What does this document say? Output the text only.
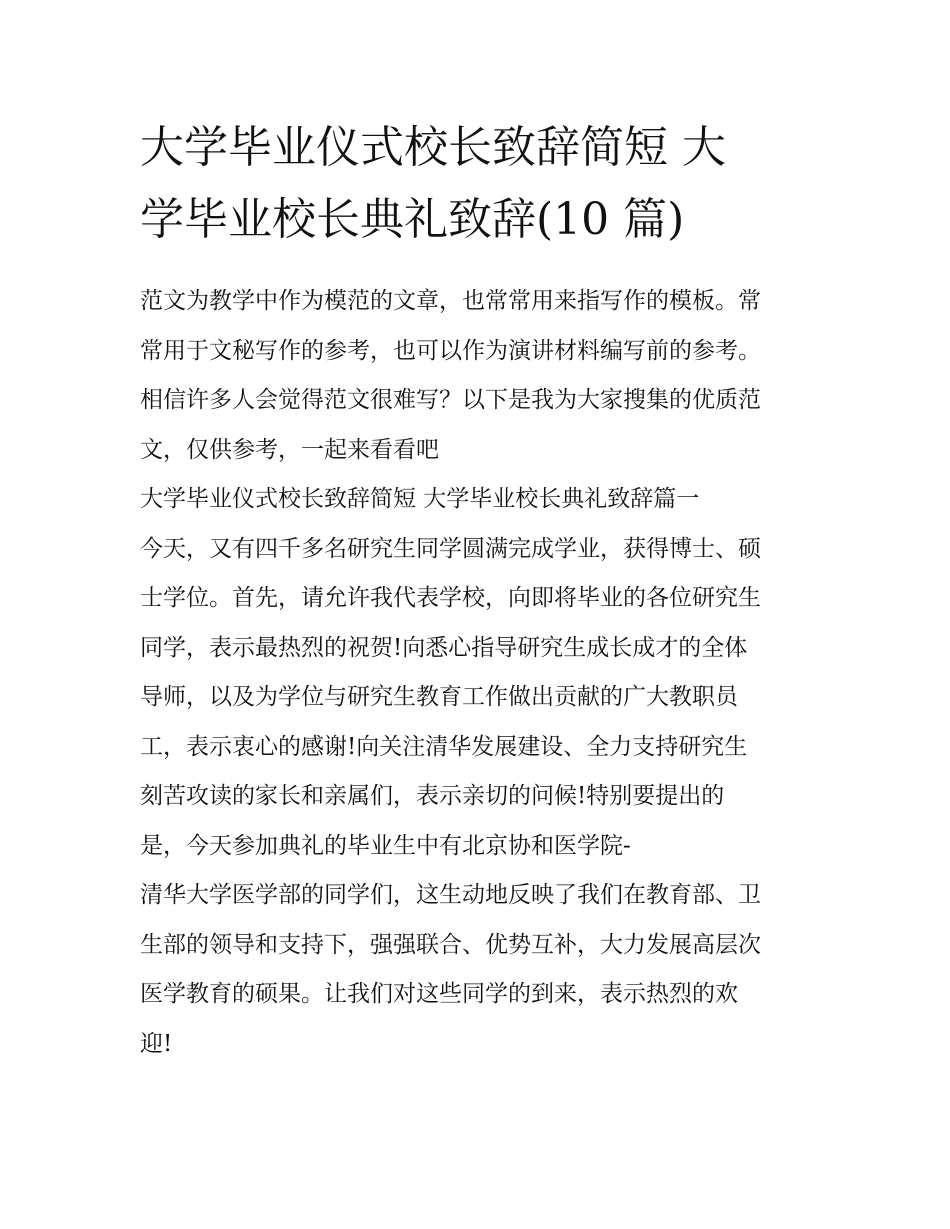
大学毕业仪式校长致辞简短 大
学毕业校长典礼致辞(10 篇)
范文为教学中作为模范的文章，也常常用来指写作的模板。常
常用于文秘写作的参考，也可以作为演讲材料编写前的参考。
相信许多人会觉得范文很难写？以下是我为大家搜集的优质范
文，仅供参考，一起来看看吧
大学毕业仪式校长致辞简短 大学毕业校长典礼致辞篇一
今天，又有四千多名研究生同学圆满完成学业，获得博士、硕
士学位。首先，请允许我代表学校，向即将毕业的各位研究生
同学，表示最热烈的祝贺!向悉心指导研究生成长成才的全体
导师，以及为学位与研究生教育工作做出贡献的广大教职员
工，表示衷心的感谢!向关注清华发展建设、全力支持研究生
刻苦攻读的家长和亲属们，表示亲切的问候!特别要提出的
是，今天参加典礼的毕业生中有北京协和医学院-
清华大学医学部的同学们，这生动地反映了我们在教育部、卫
生部的领导和支持下，强强联合、优势互补，大力发展高层次
医学教育的硕果。让我们对这些同学的到来，表示热烈的欢
迎!
